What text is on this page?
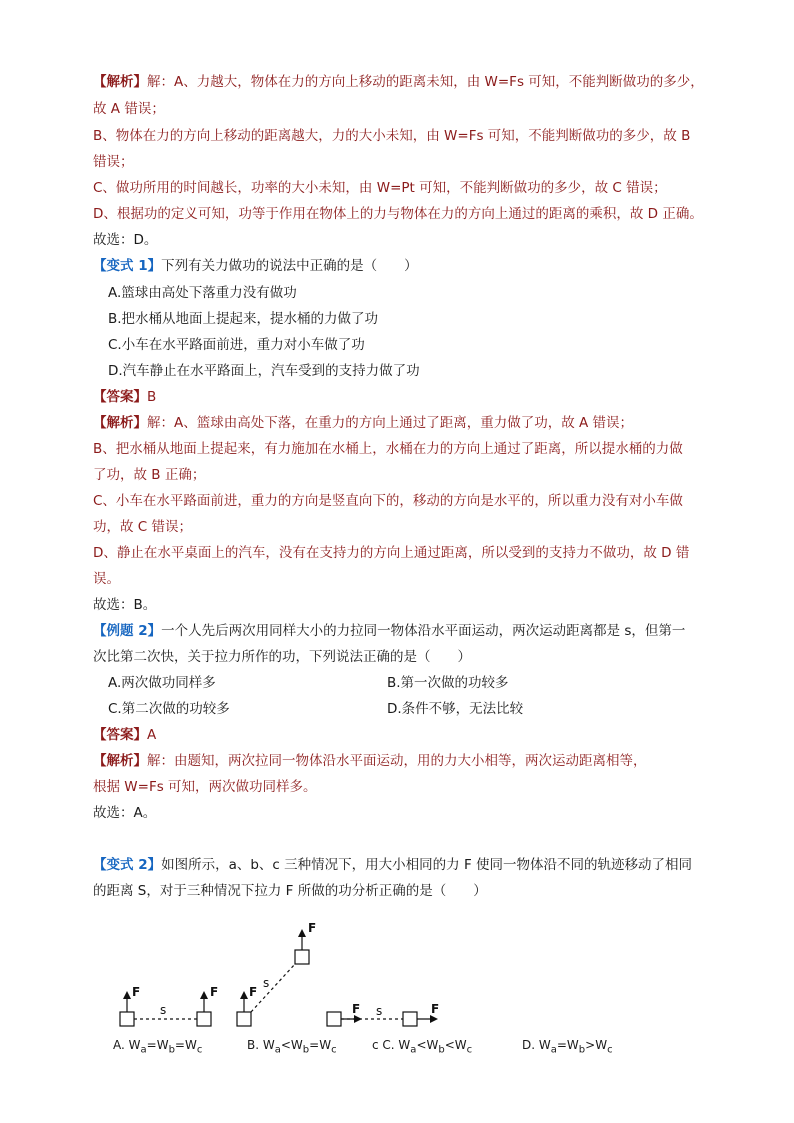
【解析】解：A、力越大，物体在力的方向上移动的距离未知，由 W=Fs 可知，不能判断做功的多少，
故 A 错误；
B、物体在力的方向上移动的距离越大，力的大小未知，由 W=Fs 可知，不能判断做功的多少，故 B
错误；
C、做功所用的时间越长，功率的大小未知，由 W=Pt 可知，不能判断做功的多少，故 C 错误；
D、根据功的定义可知，功等于作用在物体上的力与物体在力的方向上通过的距离的乘积，故 D 正确。
故选：D。
【变式 1】下列有关力做功的说法中正确的是（　　）
A.篮球由高处下落重力没有做功
B.把水桶从地面上提起来，提水桶的力做了功
C.小车在水平路面前进，重力对小车做了功
D.汽车静止在水平路面上，汽车受到的支持力做了功
【答案】B
【解析】解：A、篮球由高处下落，在重力的方向上通过了距离，重力做了功，故 A 错误；
B、把水桶从地面上提起来，有力施加在水桶上，水桶在力的方向上通过了距离，所以提水桶的力做
了功，故 B 正确；
C、小车在水平路面前进，重力的方向是竖直向下的，移动的方向是水平的，所以重力没有对小车做
功，故 C 错误；
D、静止在水平桌面上的汽车，没有在支持力的方向上通过距离，所以受到的支持力不做功，故 D 错
误。
故选：B。
【例题 2】一个人先后两次用同样大小的力拉同一物体沿水平面运动，两次运动距离都是 s，但第一
次比第二次快，关于拉力所作的功，下列说法正确的是（　　）
A.两次做功同样多	B.第一次做的功较多
C.第二次做的功较多	D.条件不够，无法比较
【答案】A
【解析】解：由题知，两次拉同一物体沿水平面运动，用的力大小相等，两次运动距离相等，
根据 W=Fs 可知，两次做功同样多。
故选：A。
【变式 2】如图所示，a、b、c 三种情况下，用大小相同的力 F 使同一物体沿不同的轨迹移动了相同
的距离 S，对于三种情况下拉力 F 所做的功分析正确的是（　　）
F	F	F
F
F	F
s
s
s
A. $W_a=W_b=W_c$	B. $W_a<W_b=W_c$	c C. $W_a<W_b<W_c$	D. $W_a=W_b>W_c$
